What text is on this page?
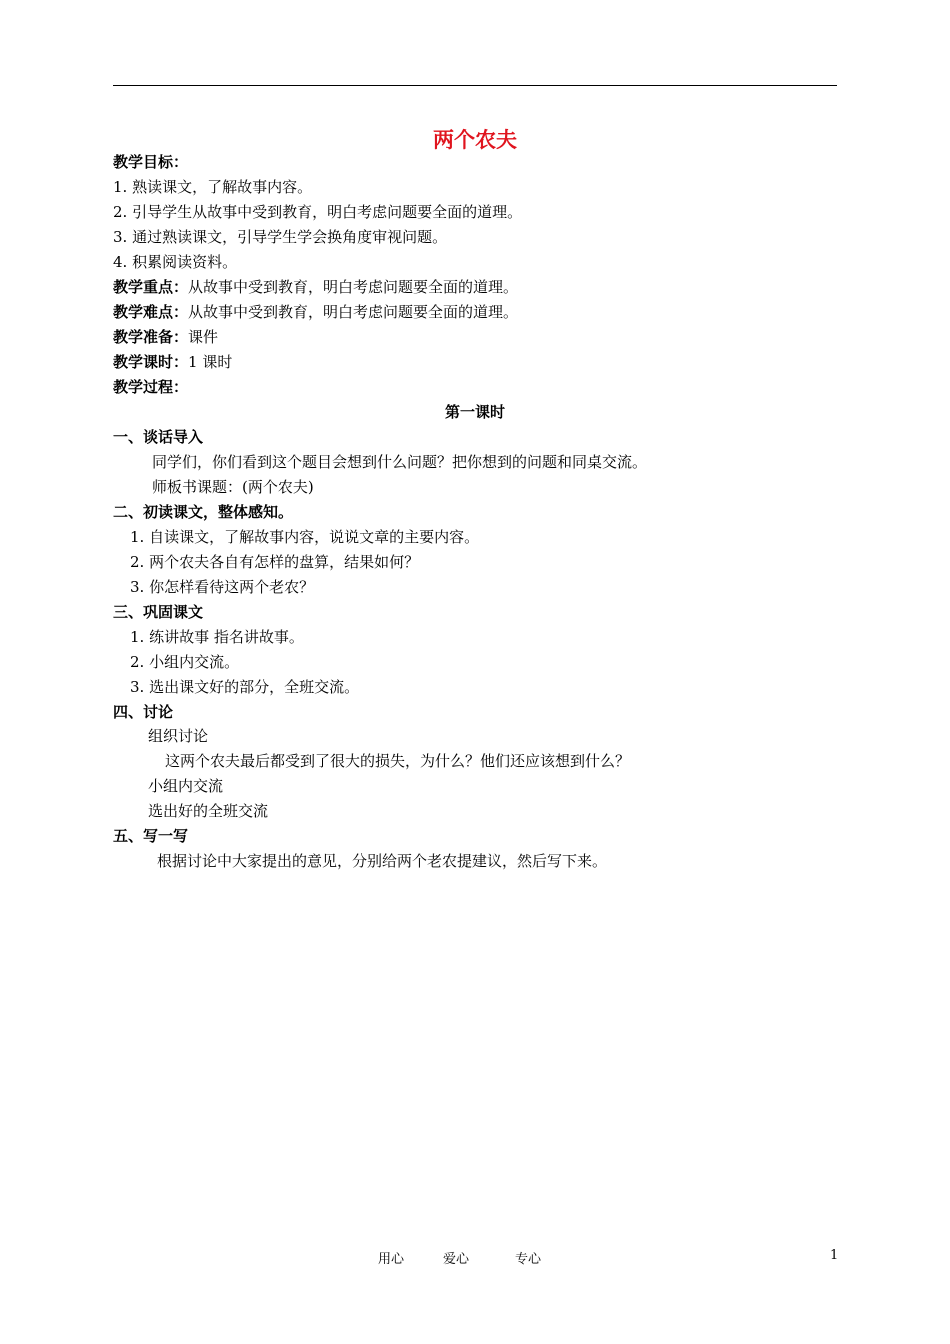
两个农夫
教学目标：
1. 熟读课文，了解故事内容。
2. 引导学生从故事中受到教育，明白考虑问题要全面的道理。
3. 通过熟读课文，引导学生学会换角度审视问题。
4. 积累阅读资料。
教学重点：从故事中受到教育，明白考虑问题要全面的道理。
教学难点：从故事中受到教育，明白考虑问题要全面的道理。
教学准备：课件
教学课时：1 课时
教学过程：
第一课时
一、谈话导入
同学们，你们看到这个题目会想到什么问题？把你想到的问题和同桌交流。
师板书课题：(两个农夫)
二、初读课文，整体感知。
1. 自读课文，了解故事内容，说说文章的主要内容。
2. 两个农夫各自有怎样的盘算，结果如何？
3. 你怎样看待这两个老农？
三、巩固课文
1. 练讲故事 指名讲故事。
2. 小组内交流。
3. 选出课文好的部分，全班交流。
四、讨论
组织讨论
这两个农夫最后都受到了很大的损失，为什么？他们还应该想到什么？
小组内交流
选出好的全班交流
五、写一写
根据讨论中大家提出的意见，分别给两个老农提建议，然后写下来。
用心	爱心	专心	1
